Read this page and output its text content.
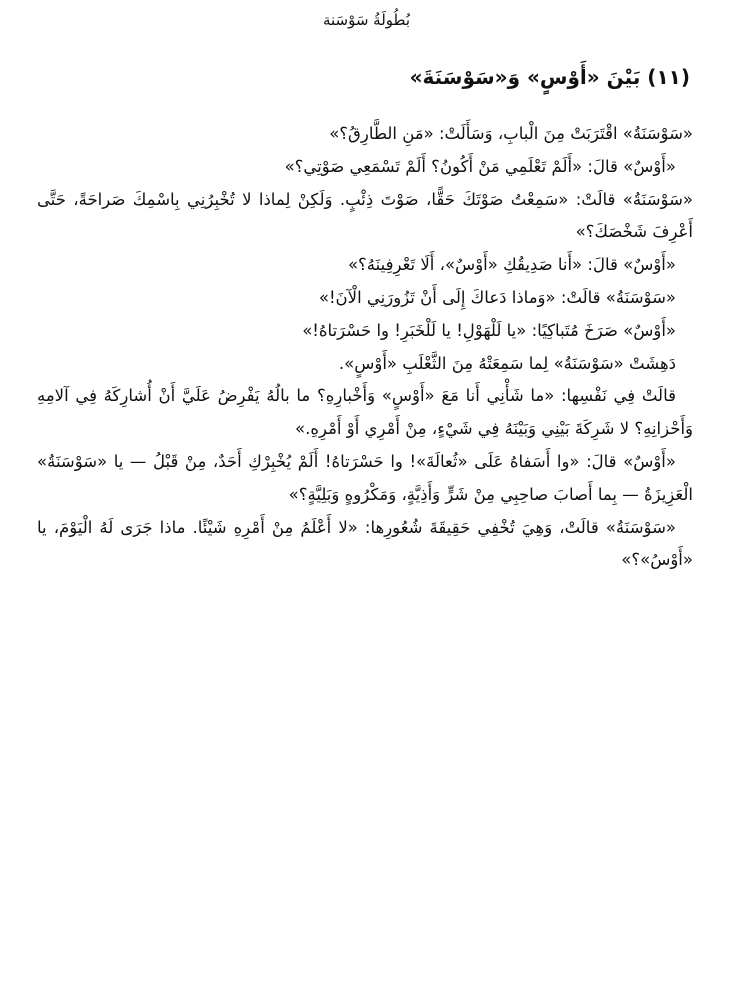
بُطُولَةُ سَوْسَنة
(١١) بَيْنَ «أَوْسٍ» وَ«سَوْسَنَةَ»

«سَوْسَنَةُ» اقْتَرَبَتْ مِنَ الْبابِ، وَسَأَلَتْ: «مَنِ الطَّارِقُ؟»

«أَوْسٌ» قالَ: «أَلَمْ تَعْلَمِي مَنْ أَكُونُ؟ أَلَمْ تَسْمَعِي صَوْتِي؟»

«سَوْسَنَةُ» قالَتْ: «سَمِعْتُ صَوْتَكَ حَقًّا، صَوْتَ ذِئْبٍ. وَلَكِنْ لِماذا لا تُخْبِرُنِي بِاسْمِكَ صَراحَةً، حَتَّى أَعْرِفَ شَخْصَكَ؟»

«أَوْسٌ» قالَ: «أَنا صَدِيقُكِ «أَوْسٌ»، أَلَا تَعْرِفِينَهُ؟»

«سَوْسَنَةُ» قالَتْ: «وَماذا دَعاكَ إِلَى أَنْ تَزُورَنِي الْآنَ!»

«أَوْسٌ» صَرَخَ مُتَباكِيًا: «يا لَلْهَوْلِ! يا لَلْخَبَرِ! وا حَسْرَتاهُ!»

دَهِشَتْ «سَوْسَنَةُ» لِما سَمِعَتْهُ مِنَ الثَّعْلَبِ «أَوْسٍ».

قالَتْ فِي نَفْسِها: «ما شَأْنِي أَنا مَعَ «أَوْسٍ» وَأَخْبارِهِ؟ ما بالُهُ يَفْرِضُ عَلَيَّ أَنْ أُشارِكَهُ فِي آلامِهِ وَأَحْزانِهِ؟ لا شَرِكَةَ بَيْنِي وَبَيْنَهُ فِي شَيْءٍ، مِنْ أَمْرِي أَوْ أَمْرِهِ.»

«أَوْسٌ» قالَ: «وا أَسَفاهُ عَلَى «ثُعالَةَ»! وا حَسْرَتاهُ! أَلَمْ يُخْبِرْكِ أَحَدٌ، مِنْ قَبْلُ — يا «سَوْسَنَةُ» الْعَزِيزَةُ — بِما أَصابَ صاحِبِي مِنْ شَرٍّ وَأَذِيَّةٍ، وَمَكْرُوهٍ وَبَلِيَّةٍ؟»

«سَوْسَنَةُ» قالَتْ، وَهِيَ تُخْفِي حَقِيقَةَ شُعُورِها: «لا أَعْلَمُ مِنْ أَمْرِهِ شَيْئًا. ماذا جَرَى لَهُ الْيَوْمَ، يا «أَوْسُ»؟»
